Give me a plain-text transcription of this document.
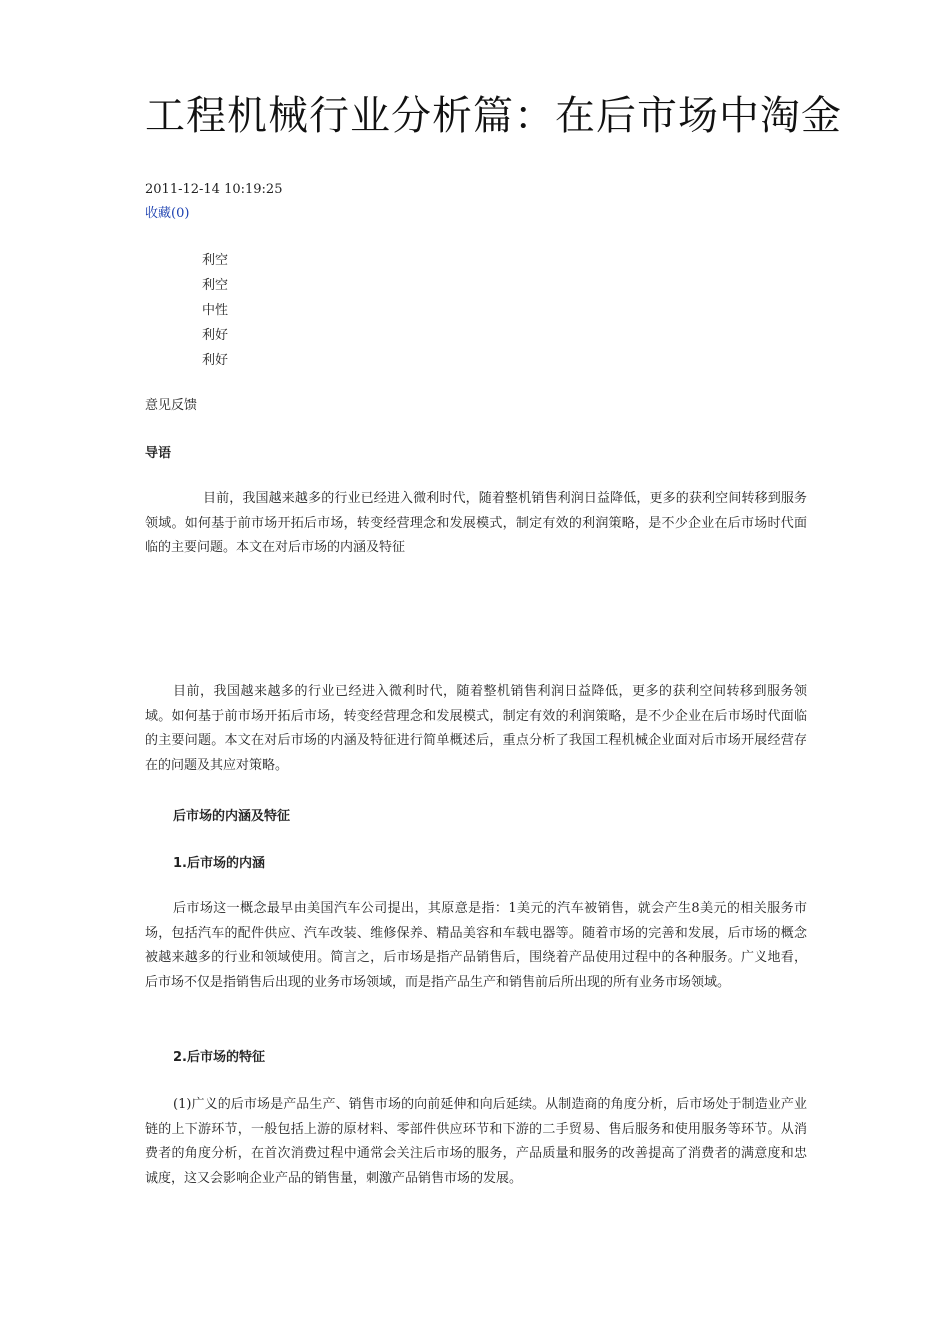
工程机械行业分析篇：在后市场中淘金
2011-12-14 10:19:25
收藏(0)
利空
利空
中性
利好
利好
意见反馈
导语

目前，我国越来越多的行业已经进入微利时代，随着整机销售利润日益降低，更多的获利空间转移到服务领域。如何基于前市场开拓后市场，转变经营理念和发展模式，制定有效的利润策略，是不少企业在后市场时代面临的主要问题。本文在对后市场的内涵及特征

目前，我国越来越多的行业已经进入微利时代，随着整机销售利润日益降低，更多的获利空间转移到服务领域。如何基于前市场开拓后市场，转变经营理念和发展模式，制定有效的利润策略，是不少企业在后市场时代面临的主要问题。本文在对后市场的内涵及特征进行简单概述后，重点分析了我国工程机械企业面对后市场开展经营存在的问题及其应对策略。

后市场的内涵及特征
1.后市场的内涵

后市场这一概念最早由美国汽车公司提出，其原意是指：1美元的汽车被销售，就会产生8美元的相关服务市场，包括汽车的配件供应、汽车改装、维修保养、精品美容和车载电器等。随着市场的完善和发展，后市场的概念被越来越多的行业和领域使用。简言之，后市场是指产品销售后，围绕着产品使用过程中的各种服务。广义地看，后市场不仅是指销售后出现的业务市场领域，而是指产品生产和销售前后所出现的所有业务市场领域。

2.后市场的特征

(1)广义的后市场是产品生产、销售市场的向前延伸和向后延续。从制造商的角度分析，后市场处于制造业产业链的上下游环节，一般包括上游的原材料、零部件供应环节和下游的二手贸易、售后服务和使用服务等环节。从消费者的角度分析，在首次消费过程中通常会关注后市场的服务，产品质量和服务的改善提高了消费者的满意度和忠诚度，这又会影响企业产品的销售量，刺激产品销售市场的发展。
